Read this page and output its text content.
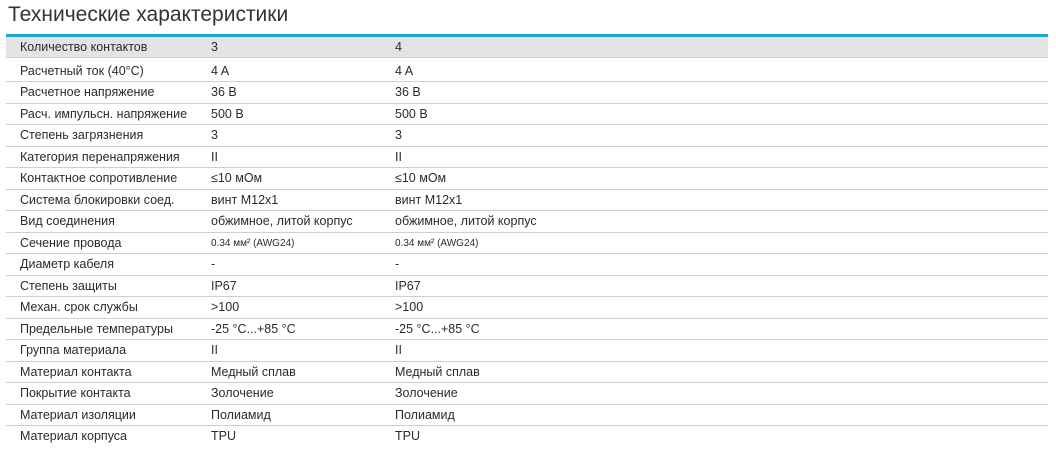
Технические характеристики
Количество контактов	3	4
Расчетный ток (40°C)	4 A	4 A
Расчетное напряжение	36 B	36 B
Расч. импульсн. напряжение	500 B	500 B
Степень загрязнения	3	3
Категория перенапряжения	II	II
Контактное сопротивление	≤10 мОм	≤10 мОм
Система блокировки соед.	винт M12x1	винт M12x1
Вид соединения	обжимное, литой корпус	обжимное, литой корпус
Сечение провода	0.34 мм² (AWG24)	0.34 мм² (AWG24)
Диаметр кабеля	-	-
Степень защиты	IP67	IP67
Механ. срок службы	>100	>100
Предельные температуры	-25 °C...+85 °C	-25 °C...+85 °C
Группа материала	II	II
Материал контакта	Медный сплав	Медный сплав
Покрытие контакта	Золочение	Золочение
Материал изоляции	Полиамид	Полиамид
Материал корпуса	TPU	TPU
